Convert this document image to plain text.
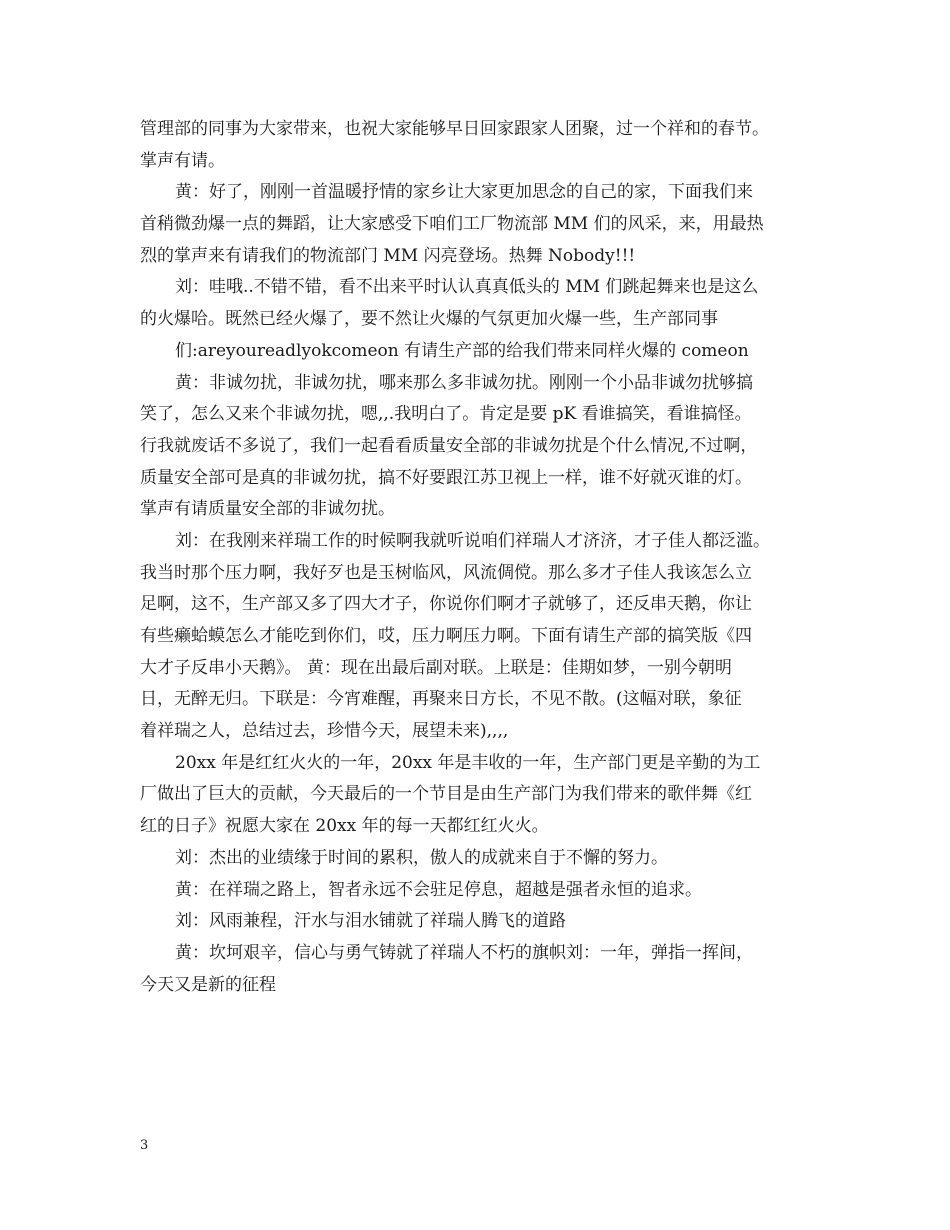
管理部的同事为大家带来，也祝大家能够早日回家跟家人团聚，过一个祥和的春节。
掌声有请。
黄：好了，刚刚一首温暖抒情的家乡让大家更加思念的自己的家，下面我们来
首稍微劲爆一点的舞蹈，让大家感受下咱们工厂物流部 MM 们的风采，来，用最热
烈的掌声来有请我们的物流部门 MM 闪亮登场。热舞 Nobody!!!
刘：哇哦..不错不错，看不出来平时认认真真低头的 MM 们跳起舞来也是这么
的火爆哈。既然已经火爆了，要不然让火爆的气氛更加火爆一些，生产部同事
们:areyoureadlyokcomeon 有请生产部的给我们带来同样火爆的 comeon
黄：非诚勿扰，非诚勿扰，哪来那么多非诚勿扰。刚刚一个小品非诚勿扰够搞
笑了，怎么又来个非诚勿扰，嗯,,.我明白了。肯定是要 pK 看谁搞笑，看谁搞怪。
行我就废话不多说了，我们一起看看质量安全部的非诚勿扰是个什么情况,不过啊，
质量安全部可是真的非诚勿扰，搞不好要跟江苏卫视上一样，谁不好就灭谁的灯。
掌声有请质量安全部的非诚勿扰。
刘：在我刚来祥瑞工作的时候啊我就听说咱们祥瑞人才济济，才子佳人都泛滥。
我当时那个压力啊，我好歹也是玉树临风，风流倜傥。那么多才子佳人我该怎么立
足啊，这不，生产部又多了四大才子，你说你们啊才子就够了，还反串天鹅，你让
有些癞蛤蟆怎么才能吃到你们，哎，压力啊压力啊。下面有请生产部的搞笑版《四
大才子反串小天鹅》。 黄：现在出最后副对联。上联是：佳期如梦，一别今朝明
日，无醉无归。下联是：今宵难醒，再聚来日方长，不见不散。(这幅对联，象征
着祥瑞之人，总结过去，珍惜今天，展望未来),,,,
20xx 年是红红火火的一年，20xx 年是丰收的一年，生产部门更是辛勤的为工
厂做出了巨大的贡献，今天最后的一个节目是由生产部门为我们带来的歌伴舞《红
红的日子》祝愿大家在 20xx 年的每一天都红红火火。
刘：杰出的业绩缘于时间的累积，傲人的成就来自于不懈的努力。
黄：在祥瑞之路上，智者永远不会驻足停息，超越是强者永恒的追求。
刘：风雨兼程，汗水与泪水铺就了祥瑞人腾飞的道路
黄：坎坷艰辛，信心与勇气铸就了祥瑞人不朽的旗帜刘：一年，弹指一挥间，
今天又是新的征程
3
